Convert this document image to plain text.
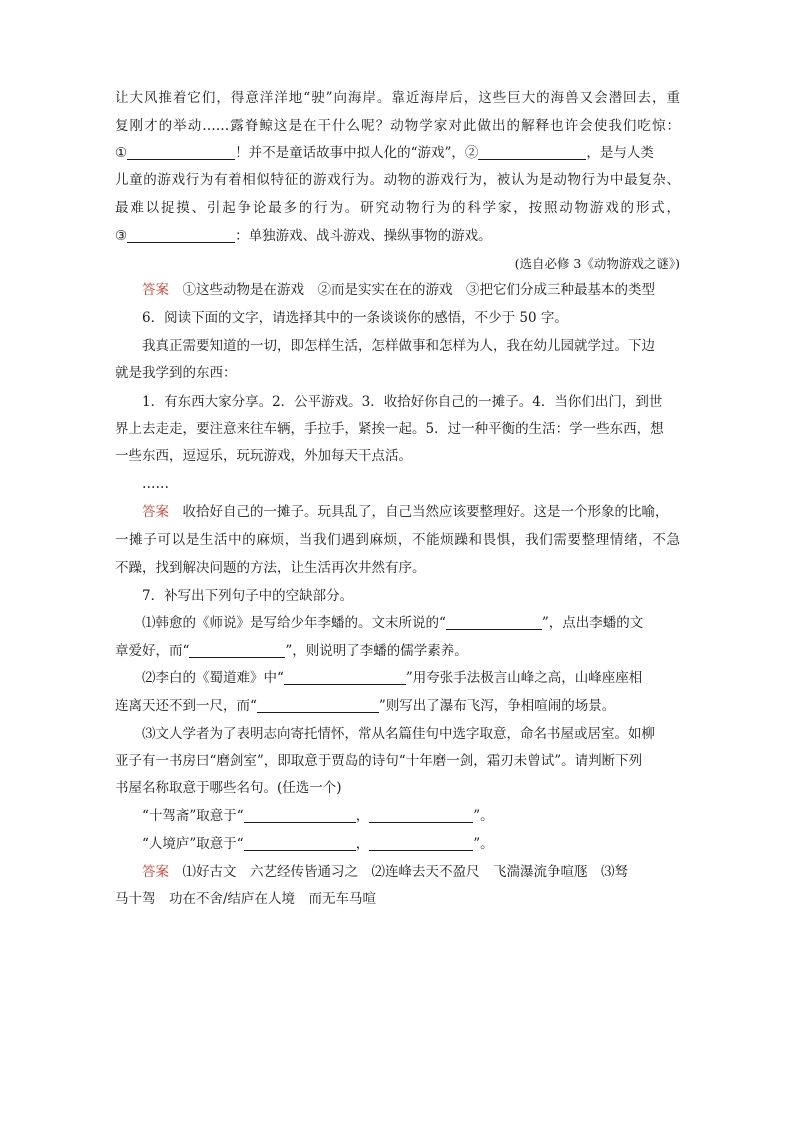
让大风推着它们，得意洋洋地“驶”向海岸。靠近海岸后，这些巨大的海兽又会潜回去，重
复刚才的举动……露脊鲸这是在干什么呢？动物学家对此做出的解释也许会使我们吃惊：
①	！并不是童话故事中拟人化的“游戏”，②	，是与人类
儿童的游戏行为有着相似特征的游戏行为。动物的游戏行为，被认为是动物行为中最复杂、
最难以捉摸、引起争论最多的行为。研究动物行为的科学家，按照动物游戏的形式，
③	：单独游戏、战斗游戏、操纵事物的游戏。
(选自必修 3《动物游戏之谜》)
答案　 ①这些动物是在游戏　②而是实实在在的游戏　③把它们分成三种最基本的类型
6．阅读下面的文字，请选择其中的一条谈谈你的感悟，不少于 50 字。
我真正需要知道的一切，即怎样生活，怎样做事和怎样为人，我在幼儿园就学过。下边
就是我学到的东西：
1．有东西大家分享。2．公平游戏。3．收拾好你自己的一摊子。4．当你们出门，到世
界上去走走，要注意来往车辆，手拉手，紧挨一起。5．过一种平衡的生活：学一些东西，想
一些东西，逗逗乐，玩玩游戏，外加每天干点活。
……
答案　 收拾好自己的一摊子。玩具乱了，自己当然应该要整理好。这是一个形象的比喻，
一摊子可以是生活中的麻烦，当我们遇到麻烦，不能烦躁和畏惧，我们需要整理情绪，不急
不躁，找到解决问题的方法，让生活再次井然有序。
7．补写出下列句子中的空缺部分。
⑴韩愈的《师说》是写给少年李蟠的。文末所说的“	”，点出李蟠的文
章爱好，而“	”，则说明了李蟠的儒学素养。
⑵李白的《蜀道难》中“	”用夸张手法极言山峰之高，山峰座座相
连离天还不到一尺，而“	”则写出了瀑布飞泻，争相喧闹的场景。
⑶文人学者为了表明志向寄托情怀，常从名篇佳句中选字取意，命名书屋或居室。如柳
亚子有一书房曰“磨剑室”，即取意于贾岛的诗句“十年磨一剑，霜刃未曾试”。请判断下列
书屋名称取意于哪些名句。(任选一个)
“十驾斋”取意于“	，	”。
“人境庐”取意于“	，	”。
答案　 ⑴好古文　六艺经传皆通习之　⑵连峰去天不盈尺　飞湍瀑流争喧豗　⑶驽
马十驾　功在不舍/结庐在人境　而无车马喧
